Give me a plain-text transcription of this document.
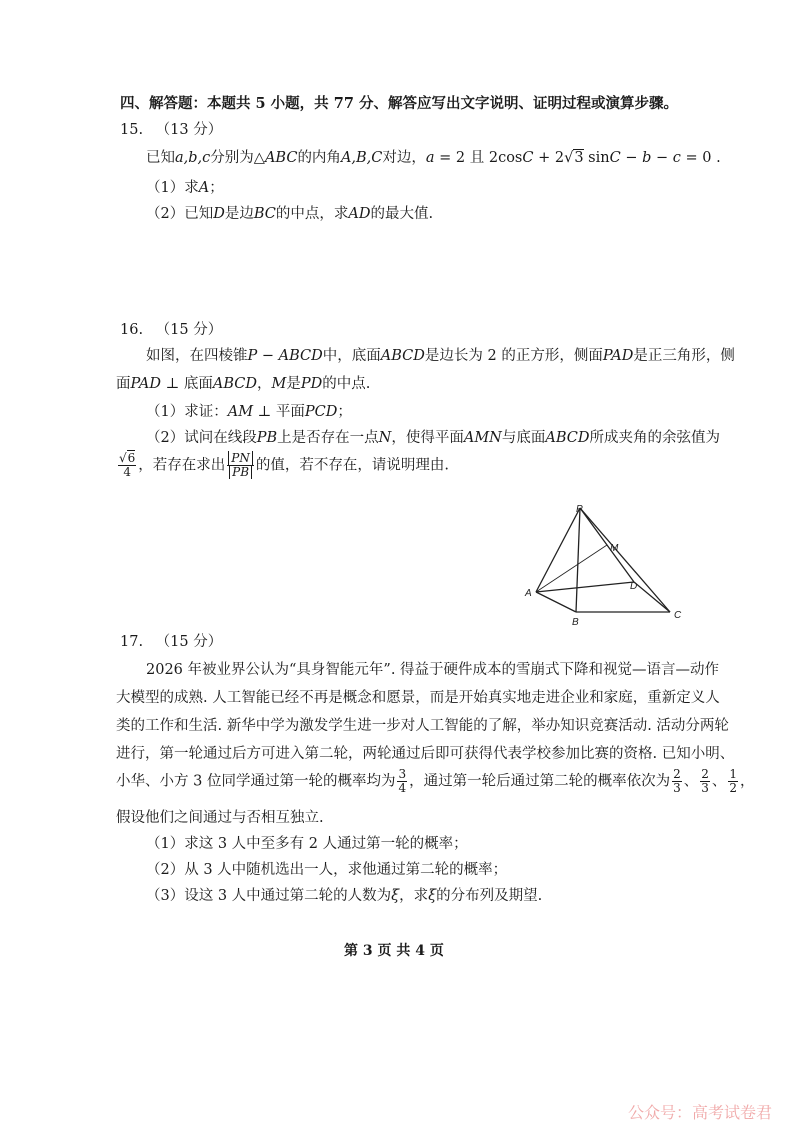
四、解答题：本题共 5 小题，共 77 分、解答应写出文字说明、证明过程或演算步骤。
15. （13 分）
已知a,b,c分别为△ABC的内角A,B,C对边，a = 2 且 2cosC + 2√3 sinC − b − c = 0 .
（1）求A；
（2）已知D是边BC的中点，求AD的最大值.
16. （15 分）
如图，在四棱锥P − ABCD中，底面ABCD是边长为 2 的正方形，侧面PAD是正三角形，侧
面PAD ⊥ 底面ABCD，M是PD的中点.
（1）求证：AM ⊥ 平面PCD；
（2）试问在线段PB上是否存在一点N，使得平面AMN与底面ABCD所成夹角的余弦值为
$\frac{√6}{4}$ ，若存在求出 $\frac{PN}{PB}$ 的值，若不存在，请说明理由.
P
M
D
A
B
C
17. （15 分）
2026 年被业界公认为“具身智能元年”. 得益于硬件成本的雪崩式下降和视觉—语言—动作
大模型的成熟. 人工智能已经不再是概念和愿景，而是开始真实地走进企业和家庭，重新定义人
类的工作和生活. 新华中学为激发学生进一步对人工智能的了解，举办知识竞赛活动. 活动分两轮
进行，第一轮通过后方可进入第二轮，两轮通过后即可获得代表学校参加比赛的资格. 已知小明、
小华、小方 3 位同学通过第一轮的概率均为 $\frac{3}{4}$ ，通过第一轮后通过第二轮的概率依次为 $\frac{2}{3}$ 、 $\frac{2}{3}$ 、 $\frac{1}{2}$ ，
假设他们之间通过与否相互独立.
（1）求这 3 人中至多有 2 人通过第一轮的概率；
（2）从 3 人中随机选出一人，求他通过第二轮的概率；
（3）设这 3 人中通过第二轮的人数为ξ，求ξ的分布列及期望.
第 3 页 共 4 页
公众号：高考试卷君
